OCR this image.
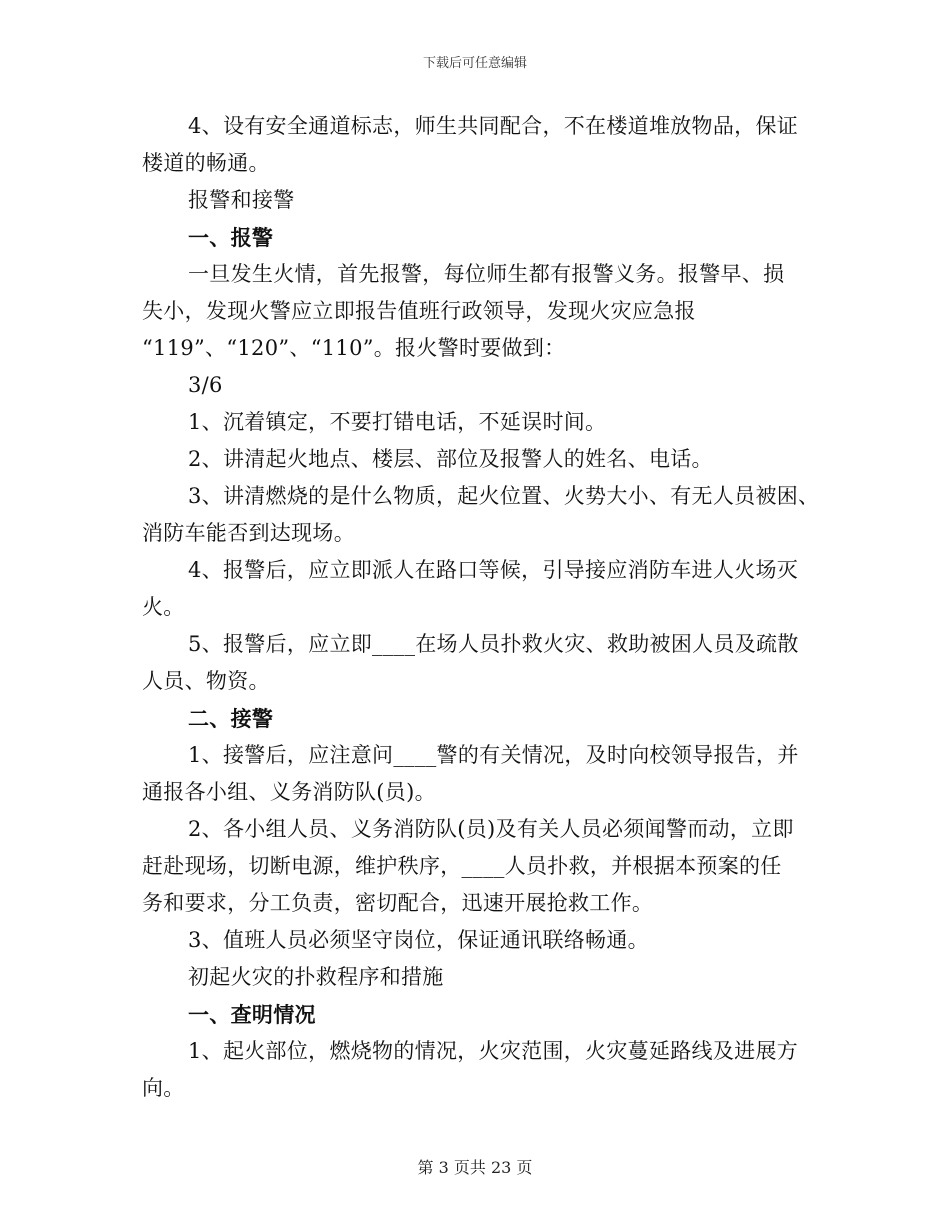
下载后可任意编辑
4、设有安全通道标志，师生共同配合，不在楼道堆放物品，保证
楼道的畅通。
报警和接警
一、报警
一旦发生火情，首先报警，每位师生都有报警义务。报警早、损
失小，发现火警应立即报告值班行政领导，发现火灾应急报
“119”、“120”、“110”。报火警时要做到：
3/6
1、沉着镇定，不要打错电话，不延误时间。
2、讲清起火地点、楼层、部位及报警人的姓名、电话。
3、讲清燃烧的是什么物质，起火位置、火势大小、有无人员被困、
消防车能否到达现场。
4、报警后，应立即派人在路口等候，引导接应消防车进人火场灭
火。
5、报警后，应立即____在场人员扑救火灾、救助被困人员及疏散
人员、物资。
二、接警
1、接警后，应注意问____警的有关情况，及时向校领导报告，并
通报各小组、义务消防队(员)。
2、各小组人员、义务消防队(员)及有关人员必须闻警而动，立即
赶赴现场，切断电源，维护秩序，____人员扑救，并根据本预案的任
务和要求，分工负责，密切配合，迅速开展抢救工作。
3、值班人员必须坚守岗位，保证通讯联络畅通。
初起火灾的扑救程序和措施
一、查明情况
1、起火部位，燃烧物的情况，火灾范围，火灾蔓延路线及进展方
向。
第 3 页共 23 页
